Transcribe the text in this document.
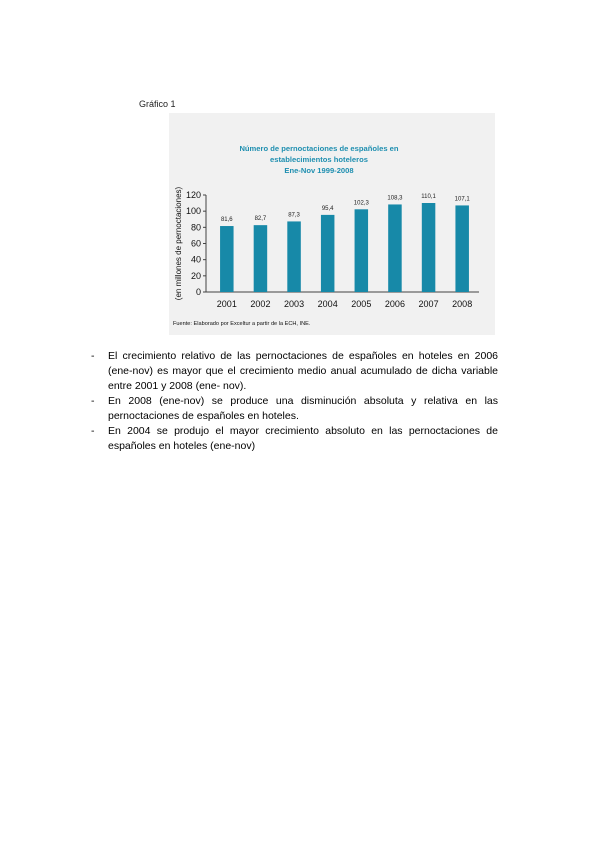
Gráfico 1
Número de pernoctaciones de españoles en
establecimientos hoteleros
Ene-Nov 1999-2008
(en millones de pernoctaciones) 0
20
40
60
80
100
120
81,6
2001
82,7
2002
87,3
2003
95,4
2004
102,3
2005
108,3
2006
110,1
2007
107,1
2008
Fuente: Elaborado por Exceltur a partir de la ECH, INE.
- El crecimiento relativo de las pernoctaciones de españoles en hoteles en 2006 (ene-nov) es mayor que el crecimiento medio anual acumulado de dicha variable entre 2001 y 2008 (ene- nov).
- En 2008 (ene-nov) se produce una disminución absoluta y relativa en las pernoctaciones de españoles en hoteles.
- En 2004 se produjo el mayor crecimiento absoluto en las pernoctaciones de españoles en hoteles (ene-nov)
